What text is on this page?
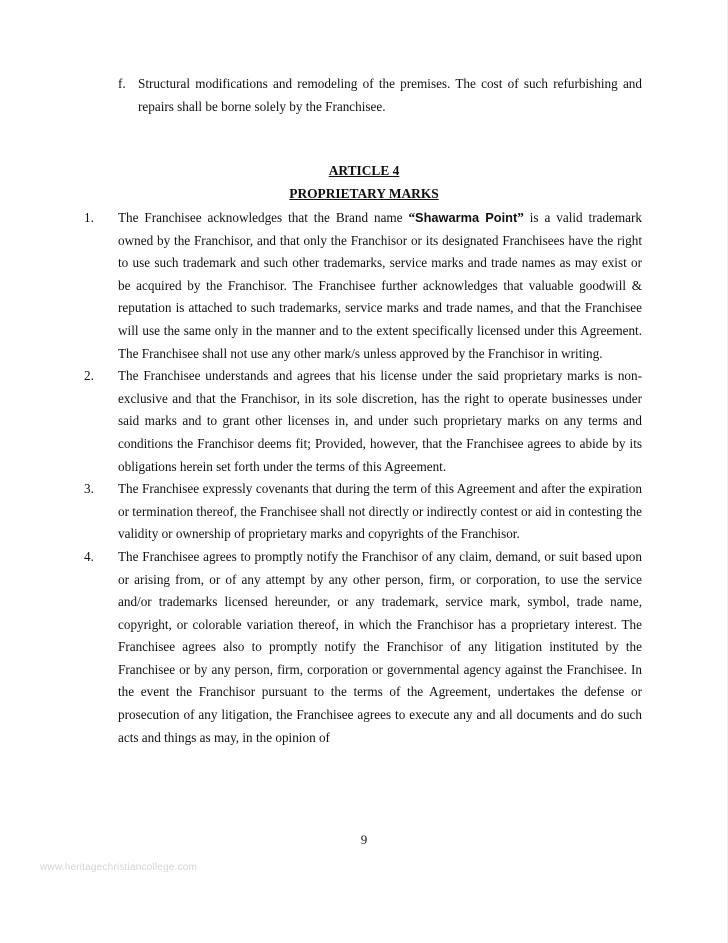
f. Structural modifications and remodeling of the premises. The cost of such refurbishing and repairs shall be borne solely by the Franchisee.
ARTICLE 4
PROPRIETARY MARKS
1. The Franchisee acknowledges that the Brand name “Shawarma Point” is a valid trademark owned by the Franchisor, and that only the Franchisor or its designated Franchisees have the right to use such trademark and such other trademarks, service marks and trade names as may exist or be acquired by the Franchisor. The Franchisee further acknowledges that valuable goodwill & reputation is attached to such trademarks, service marks and trade names, and that the Franchisee will use the same only in the manner and to the extent specifically licensed under this Agreement. The Franchisee shall not use any other mark/s unless approved by the Franchisor in writing.
2. The Franchisee understands and agrees that his license under the said proprietary marks is non-exclusive and that the Franchisor, in its sole discretion, has the right to operate businesses under said marks and to grant other licenses in, and under such proprietary marks on any terms and conditions the Franchisor deems fit; Provided, however, that the Franchisee agrees to abide by its obligations herein set forth under the terms of this Agreement.
3. The Franchisee expressly covenants that during the term of this Agreement and after the expiration or termination thereof, the Franchisee shall not directly or indirectly contest or aid in contesting the validity or ownership of proprietary marks and copyrights of the Franchisor.
4. The Franchisee agrees to promptly notify the Franchisor of any claim, demand, or suit based upon or arising from, or of any attempt by any other person, firm, or corporation, to use the service and/or trademarks licensed hereunder, or any trademark, service mark, symbol, trade name, copyright, or colorable variation thereof, in which the Franchisor has a proprietary interest. The Franchisee agrees also to promptly notify the Franchisor of any litigation instituted by the Franchisee or by any person, firm, corporation or governmental agency against the Franchisee. In the event the Franchisor pursuant to the terms of the Agreement, undertakes the defense or prosecution of any litigation, the Franchisee agrees to execute any and all documents and do such acts and things as may, in the opinion of
9
www.heritagechristiancollege.com
